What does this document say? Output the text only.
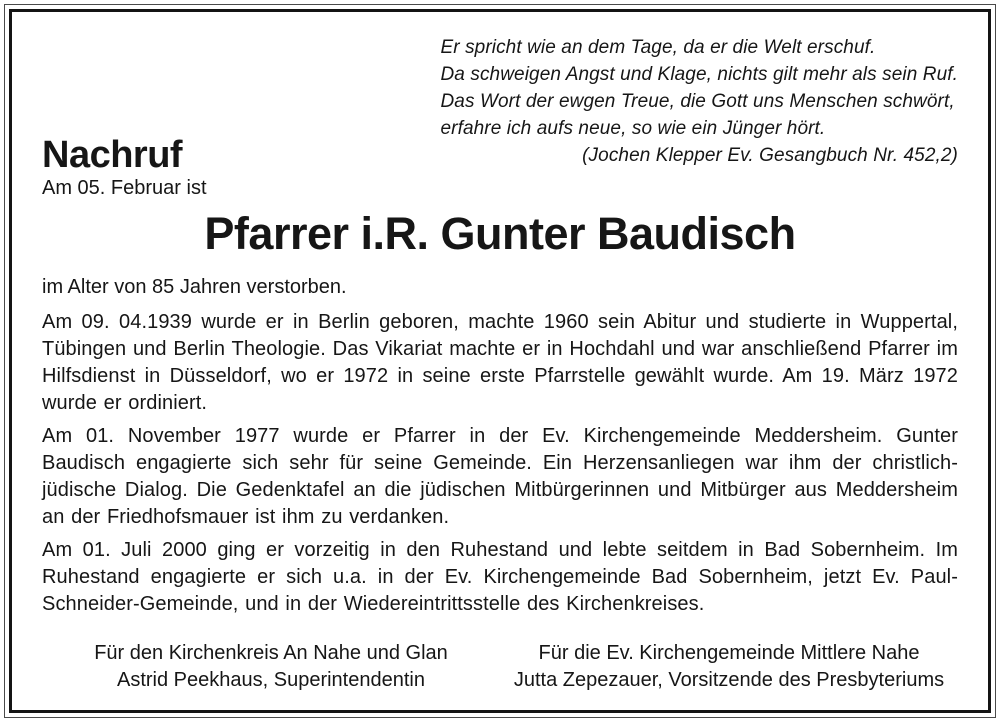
Er spricht wie an dem Tage, da er die Welt erschuf.
Da schweigen Angst und Klage, nichts gilt mehr als sein Ruf.
Das Wort der ewgen Treue, die Gott uns Menschen schwört,
erfahre ich aufs neue, so wie ein Jünger hört.
(Jochen Klepper Ev. Gesangbuch Nr. 452,2)
Nachruf

Am 05. Februar ist

Pfarrer i.R. Gunter Baudisch

im Alter von 85 Jahren verstorben.

Am 09. 04.1939 wurde er in Berlin geboren, machte 1960 sein Abitur und studierte in Wuppertal, Tübingen und Berlin Theologie. Das Vikariat machte er in Hochdahl und war anschließend Pfarrer im Hilfsdienst in Düsseldorf, wo er 1972 in seine erste Pfarrstelle gewählt wurde. Am 19. März 1972 wurde er ordiniert.

Am 01. November 1977 wurde er Pfarrer in der Ev. Kirchengemeinde Meddersheim. Gunter Baudisch engagierte sich sehr für seine Gemeinde. Ein Herzensanliegen war ihm der christlich-jüdische Dialog. Die Gedenktafel an die jüdischen Mitbürgerinnen und Mitbürger aus Meddersheim an der Friedhofsmauer ist ihm zu verdanken.

Am 01. Juli 2000 ging er vorzeitig in den Ruhestand und lebte seitdem in Bad Sobernheim. Im Ruhestand engagierte er sich u.a. in der Ev. Kirchengemeinde Bad Sobernheim, jetzt Ev. Paul-Schneider-Gemeinde, und in der Wiedereintrittsstelle des Kirchenkreises.

Für den Kirchenkreis An Nahe und Glan

Astrid Peekhaus, Superintendentin

Für die Ev. Kirchengemeinde Mittlere Nahe

Jutta Zepezauer, Vorsitzende des Presbyteriums
